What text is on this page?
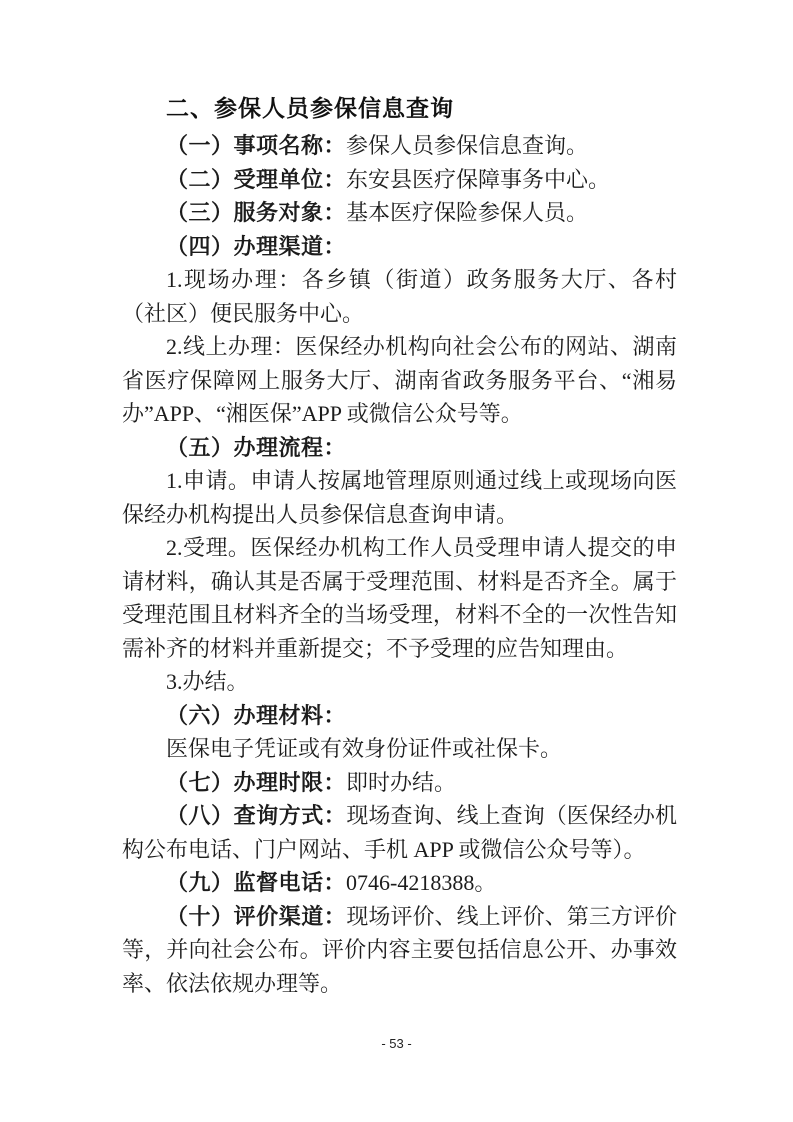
二、参保人员参保信息查询

（一）事项名称：参保人员参保信息查询。

（二）受理单位：东安县医疗保障事务中心。

（三）服务对象：基本医疗保险参保人员。

（四）办理渠道：

1.现场办理：各乡镇（街道）政务服务大厅、各村（社区）便民服务中心。

2.线上办理：医保经办机构向社会公布的网站、湖南省医疗保障网上服务大厅、湖南省政务服务平台、“湘易办”APP、“湘医保”APP 或微信公众号等。

（五）办理流程：

1.申请。申请人按属地管理原则通过线上或现场向医保经办机构提出人员参保信息查询申请。

2.受理。医保经办机构工作人员受理申请人提交的申请材料，确认其是否属于受理范围、材料是否齐全。属于受理范围且材料齐全的当场受理，材料不全的一次性告知需补齐的材料并重新提交；不予受理的应告知理由。

3.办结。

（六）办理材料：

医保电子凭证或有效身份证件或社保卡。

（七）办理时限：即时办结。

（八）查询方式：现场查询、线上查询（医保经办机构公布电话、门户网站、手机 APP 或微信公众号等）。

（九）监督电话：0746-4218388。

（十）评价渠道：现场评价、线上评价、第三方评价等，并向社会公布。评价内容主要包括信息公开、办事效率、依法依规办理等。

- 53 -
